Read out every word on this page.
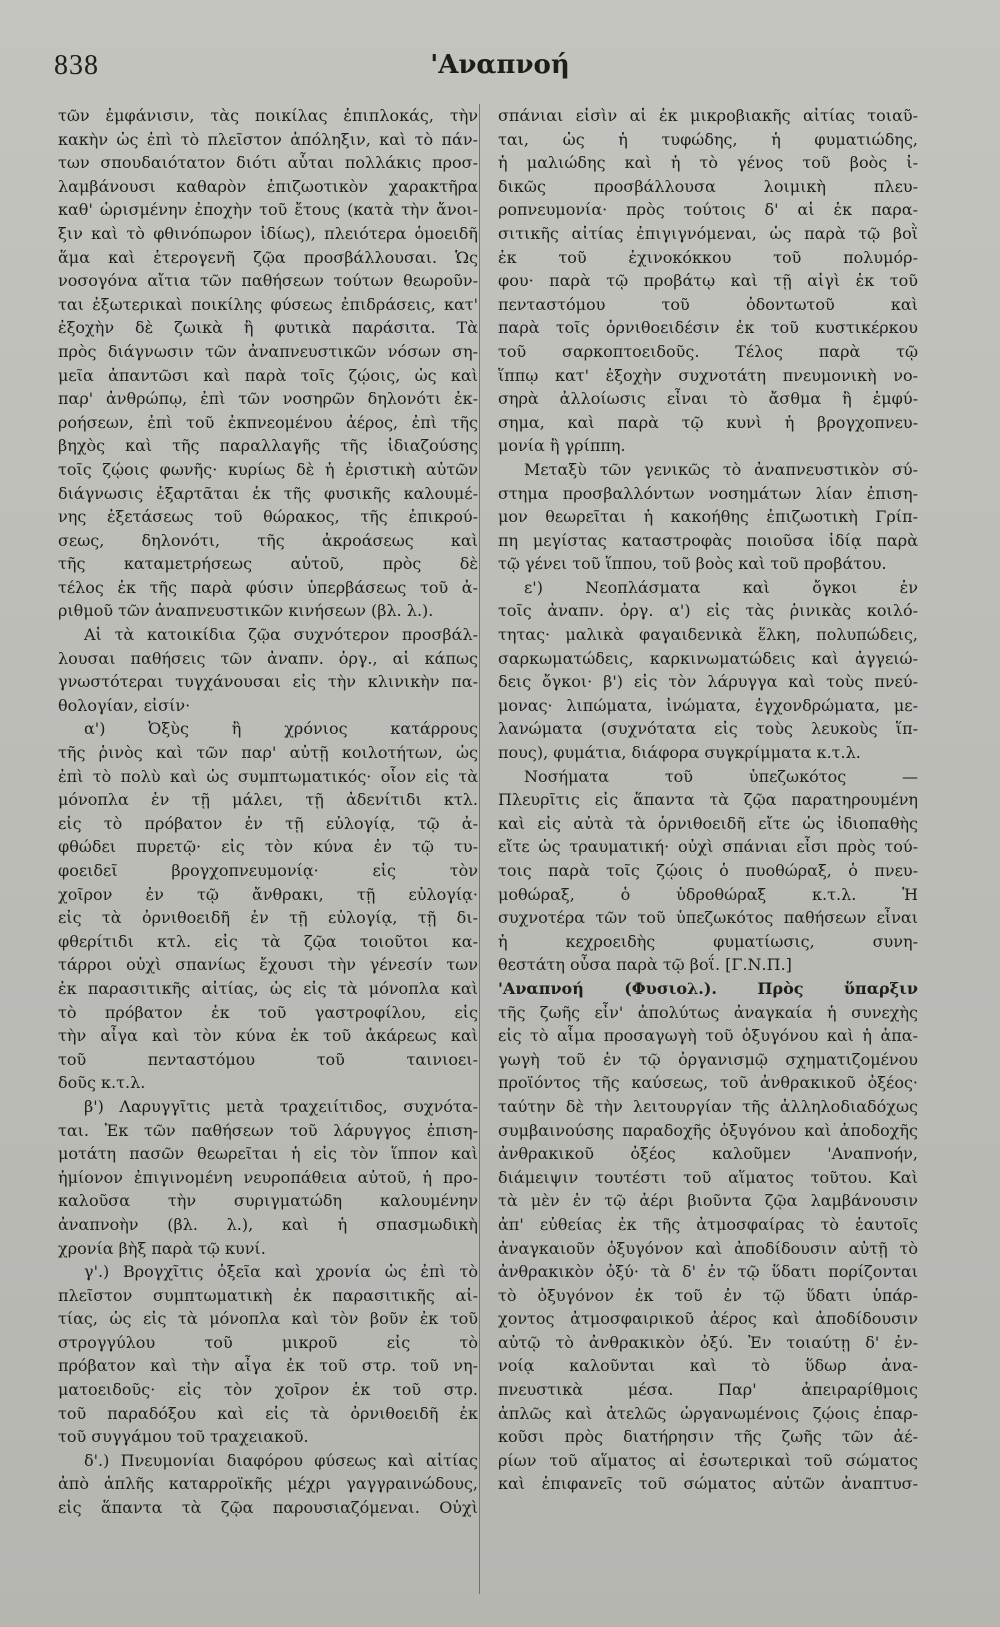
838	'Αναπνοή
τῶν ἐμφάνισιν, τὰς ποικίλας ἐπιπλοκάς, τὴν
κακὴν ὡς ἐπὶ τὸ πλεῖστον ἀπόληξιν, καὶ τὸ πάν-
των σπουδαιότατον διότι αὗται πολλάκις προσ-
λαμβάνουσι καθαρὸν ἐπιζωοτικὸν χαρακτῆρα
καθ' ὡρισμένην ἐποχὴν τοῦ ἔτους (κατὰ τὴν ἄνοι-
ξιν καὶ τὸ φθινόπωρον ἰδίως), πλειότερα ὁμοειδῆ
ἅμα καὶ ἑτερογενῆ ζῷα προσβάλλουσαι. Ὡς
νοσογόνα αἴτια τῶν παθήσεων τούτων θεωροῦν-
ται ἐξωτερικαὶ ποικίλης φύσεως ἐπιδράσεις, κατ'
ἐξοχὴν δὲ ζωικὰ ἢ φυτικὰ παράσιτα. Τὰ
πρὸς διάγνωσιν τῶν ἀναπνευστικῶν νόσων ση-
μεῖα ἀπαντῶσι καὶ παρὰ τοῖς ζῴοις, ὡς καὶ
παρ' ἀνθρώπῳ, ἐπὶ τῶν νοσηρῶν δηλονότι ἐκ-
ροήσεων, ἐπὶ τοῦ ἐκπνεομένου ἀέρος, ἐπὶ τῆς
βηχὸς καὶ τῆς παραλλαγῆς τῆς ἰδιαζούσης
τοῖς ζῴοις φωνῆς· κυρίως δὲ ἡ ἐριστικὴ αὐτῶν
διάγνωσις ἐξαρτᾶται ἐκ τῆς φυσικῆς καλουμέ-
νης ἐξετάσεως τοῦ θώρακος, τῆς ἐπικρού-
σεως, δηλονότι, τῆς ἀκροάσεως καὶ
τῆς καταμετρήσεως αὐτοῦ, πρὸς δὲ
τέλος ἐκ τῆς παρὰ φύσιν ὑπερβάσεως τοῦ ἀ-
ριθμοῦ τῶν ἀναπνευστικῶν κινήσεων (βλ. λ.).
Αἱ τὰ κατοικίδια ζῷα συχνότερον προσβάλ-
λουσαι παθήσεις τῶν ἀναπν. ὀργ., αἱ κάπως
γνωστότεραι τυγχάνουσαι εἰς τὴν κλινικὴν πα-
θολογίαν, εἰσίν·
α') Ὀξὺς ἢ χρόνιος κατάρρους
τῆς ῥινὸς καὶ τῶν παρ' αὐτῇ κοιλοτήτων, ὡς
ἐπὶ τὸ πολὺ καὶ ὡς συμπτωματικός· οἷον εἰς τὰ
μόνοπλα ἐν τῇ μάλει, τῇ ἀδενίτιδι κτλ.
εἰς τὸ πρόβατον ἐν τῇ εὐλογίᾳ, τῷ ἀ-
φθώδει πυρετῷ· εἰς τὸν κύνα ἐν τῷ τυ-
φοειδεῖ βρογχοπνευμονίᾳ· εἰς τὸν
χοῖρον ἐν τῷ ἄνθρακι, τῇ εὐλογίᾳ·
εἰς τὰ ὀρνιθοειδῆ ἐν τῇ εὐλογίᾳ, τῇ δι-
φθερίτιδι κτλ. εἰς τὰ ζῷα τοιοῦτοι κα-
τάρροι οὐχὶ σπανίως ἔχουσι τὴν γένεσίν των
ἐκ παρασιτικῆς αἰτίας, ὡς εἰς τὰ μόνοπλα καὶ
τὸ πρόβατον ἐκ τοῦ γαστροφίλου, εἰς
τὴν αἶγα καὶ τὸν κύνα ἐκ τοῦ ἀκάρεως καὶ
τοῦ πενταστόμου τοῦ ταινιοει-
δοῦς κ.τ.λ.
β') Λαρυγγῖτις μετὰ τραχειίτιδος, συχνότα-
ται. Ἐκ τῶν παθήσεων τοῦ λάρυγγος ἐπιση-
μοτάτη πασῶν θεωρεῖται ἡ εἰς τὸν ἵππον καὶ
ἡμίονον ἐπιγινομένη νευροπάθεια αὐτοῦ, ἡ προ-
καλοῦσα τὴν συριγματώδη καλουμένην
ἀναπνοὴν (βλ. λ.), καὶ ἡ σπασμωδικὴ
χρονία βὴξ παρὰ τῷ κυνί.
γ'.) Βρογχῖτις ὀξεῖα καὶ χρονία ὡς ἐπὶ τὸ
πλεῖστον συμπτωματικὴ ἐκ παρασιτικῆς αἰ-
τίας, ὡς εἰς τὰ μόνοπλα καὶ τὸν βοῦν ἐκ τοῦ
στρογγύλου τοῦ μικροῦ εἰς τὸ
πρόβατον καὶ τὴν αἶγα ἐκ τοῦ στρ. τοῦ νη-
ματοειδοῦς· εἰς τὸν χοῖρον ἐκ τοῦ στρ.
τοῦ παραδόξου καὶ εἰς τὰ ὀρνιθοειδῆ ἐκ
τοῦ συγγάμου τοῦ τραχειακοῦ.
δ'.) Πνευμονίαι διαφόρου φύσεως καὶ αἰτίας
ἀπὸ ἁπλῆς καταρροϊκῆς μέχρι γαγγραινώδους,
εἰς ἅπαντα τὰ ζῷα παρουσιαζόμεναι. Οὐχὶ
σπάνιαι εἰσὶν αἱ ἐκ μικροβιακῆς αἰτίας τοιαῦ-
ται, ὡς ἡ τυφώδης, ἡ φυματιώδης,
ἡ μαλιώδης καὶ ἡ τὸ γένος τοῦ βοὸς ἰ-
δικῶς προσβάλλουσα λοιμικὴ πλευ-
ροπνευμονία· πρὸς τούτοις δ' αἱ ἐκ παρα-
σιτικῆς αἰτίας ἐπιγιγνόμεναι, ὡς παρὰ τῷ βοῒ
ἐκ τοῦ ἐχινοκόκκου τοῦ πολυμόρ-
φου· παρὰ τῷ προβάτῳ καὶ τῇ αἰγὶ ἐκ τοῦ
πενταστόμου τοῦ ὀδοντωτοῦ καὶ
παρὰ τοῖς ὀρνιθοειδέσιν ἐκ τοῦ κυστικέρκου
τοῦ σαρκοπτοειδοῦς. Τέλος παρὰ τῷ
ἵππῳ κατ' ἐξοχὴν συχνοτάτη πνευμονικὴ νο-
σηρὰ ἀλλοίωσις εἶναι τὸ ἄσθμα ἢ ἐμφύ-
σημα, καὶ παρὰ τῷ κυνὶ ἡ βρογχοπνευ-
μονία ἢ γρίππη.
Μεταξὺ τῶν γενικῶς τὸ ἀναπνευστικὸν σύ-
στημα προσβαλλόντων νοσημάτων λίαν ἐπιση-
μον θεωρεῖται ἡ κακοήθης ἐπιζωοτικὴ Γρίπ-
πη μεγίστας καταστροφὰς ποιοῦσα ἰδίᾳ παρὰ
τῷ γένει τοῦ ἵππου, τοῦ βοὸς καὶ τοῦ προβάτου.
ε') Νεοπλάσματα καὶ ὄγκοι ἐν
τοῖς ἀναπν. ὀργ. α') εἰς τὰς ῥινικὰς κοιλό-
τητας· μαλικὰ φαγαιδενικὰ ἕλκη, πολυπώδεις,
σαρκωματώδεις, καρκινωματώδεις καὶ ἀγγειώ-
δεις ὄγκοι· β') εἰς τὸν λάρυγγα καὶ τοὺς πνεύ-
μονας· λιπώματα, ἰνώματα, ἐγχονδρώματα, με-
λανώματα (συχνότατα εἰς τοὺς λευκοὺς ἵπ-
πους), φυμάτια, διάφορα συγκρίμματα κ.τ.λ.
Νοσήματα τοῦ ὑπεζωκότος —
Πλευρῖτις εἰς ἅπαντα τὰ ζῷα παρατηρουμένη
καὶ εἰς αὐτὰ τὰ ὀρνιθοειδῆ εἴτε ὡς ἰδιοπαθὴς
εἴτε ὡς τραυματική· οὐχὶ σπάνιαι εἶσι πρὸς τού-
τοις παρὰ τοῖς ζῴοις ὁ πυοθώραξ, ὁ πνευ-
μοθώραξ, ὁ ὑδροθώραξ κ.τ.λ. Ἡ
συχνοτέρα τῶν τοῦ ὑπεζωκότος παθήσεων εἶναι
ἡ κεχροειδὴς φυματίωσις, συνη-
θεστάτη οὖσα παρὰ τῷ βοΐ. [Γ.Ν.Π.]
'Αναπνοή (Φυσιολ.). Πρὸς ὕπαρξιν
τῆς ζωῆς εἶν' ἀπολύτως ἀναγκαία ἡ συνεχὴς
εἰς τὸ αἷμα προσαγωγὴ τοῦ ὀξυγόνου καὶ ἡ ἀπα-
γωγὴ τοῦ ἐν τῷ ὀργανισμῷ σχηματιζομένου
προϊόντος τῆς καύσεως, τοῦ ἀνθρακικοῦ ὀξέος·
ταύτην δὲ τὴν λειτουργίαν τῆς ἀλληλοδιαδόχως
συμβαινούσης παραδοχῆς ὀξυγόνου καὶ ἀποδοχῆς
ἀνθρακικοῦ ὀξέος καλοῦμεν 'Αναπνοήν,
διάμειψιν τουτέστι τοῦ αἵματος τοῦτου. Καὶ
τὰ μὲν ἐν τῷ ἀέρι βιοῦντα ζῷα λαμβάνουσιν
ἀπ' εὐθείας ἐκ τῆς ἀτμοσφαίρας τὸ ἑαυτοῖς
ἀναγκαιοῦν ὀξυγόνον καὶ ἀποδίδουσιν αὐτῇ τὸ
ἀνθρακικὸν ὀξύ· τὰ δ' ἐν τῷ ὕδατι πορίζονται
τὸ ὀξυγόνον ἐκ τοῦ ἐν τῷ ὕδατι ὑπάρ-
χοντος ἀτμοσφαιρικοῦ ἀέρος καὶ ἀποδίδουσιν
αὐτῷ τὸ ἀνθρακικὸν ὀξύ. Ἐν τοιαύτῃ δ' ἐν-
νοίᾳ καλοῦνται καὶ τὸ ὕδωρ ἀνα-
πνευστικὰ μέσα. Παρ' ἀπειραρίθμοις
ἁπλῶς καὶ ἀτελῶς ὠργανωμένοις ζῴοις ἐπαρ-
κοῦσι πρὸς διατήρησιν τῆς ζωῆς τῶν ἀέ-
ρίων τοῦ αἵματος αἱ ἐσωτερικαὶ τοῦ σώματος
καὶ ἐπιφανεῖς τοῦ σώματος αὐτῶν ἀναπτυσ-
